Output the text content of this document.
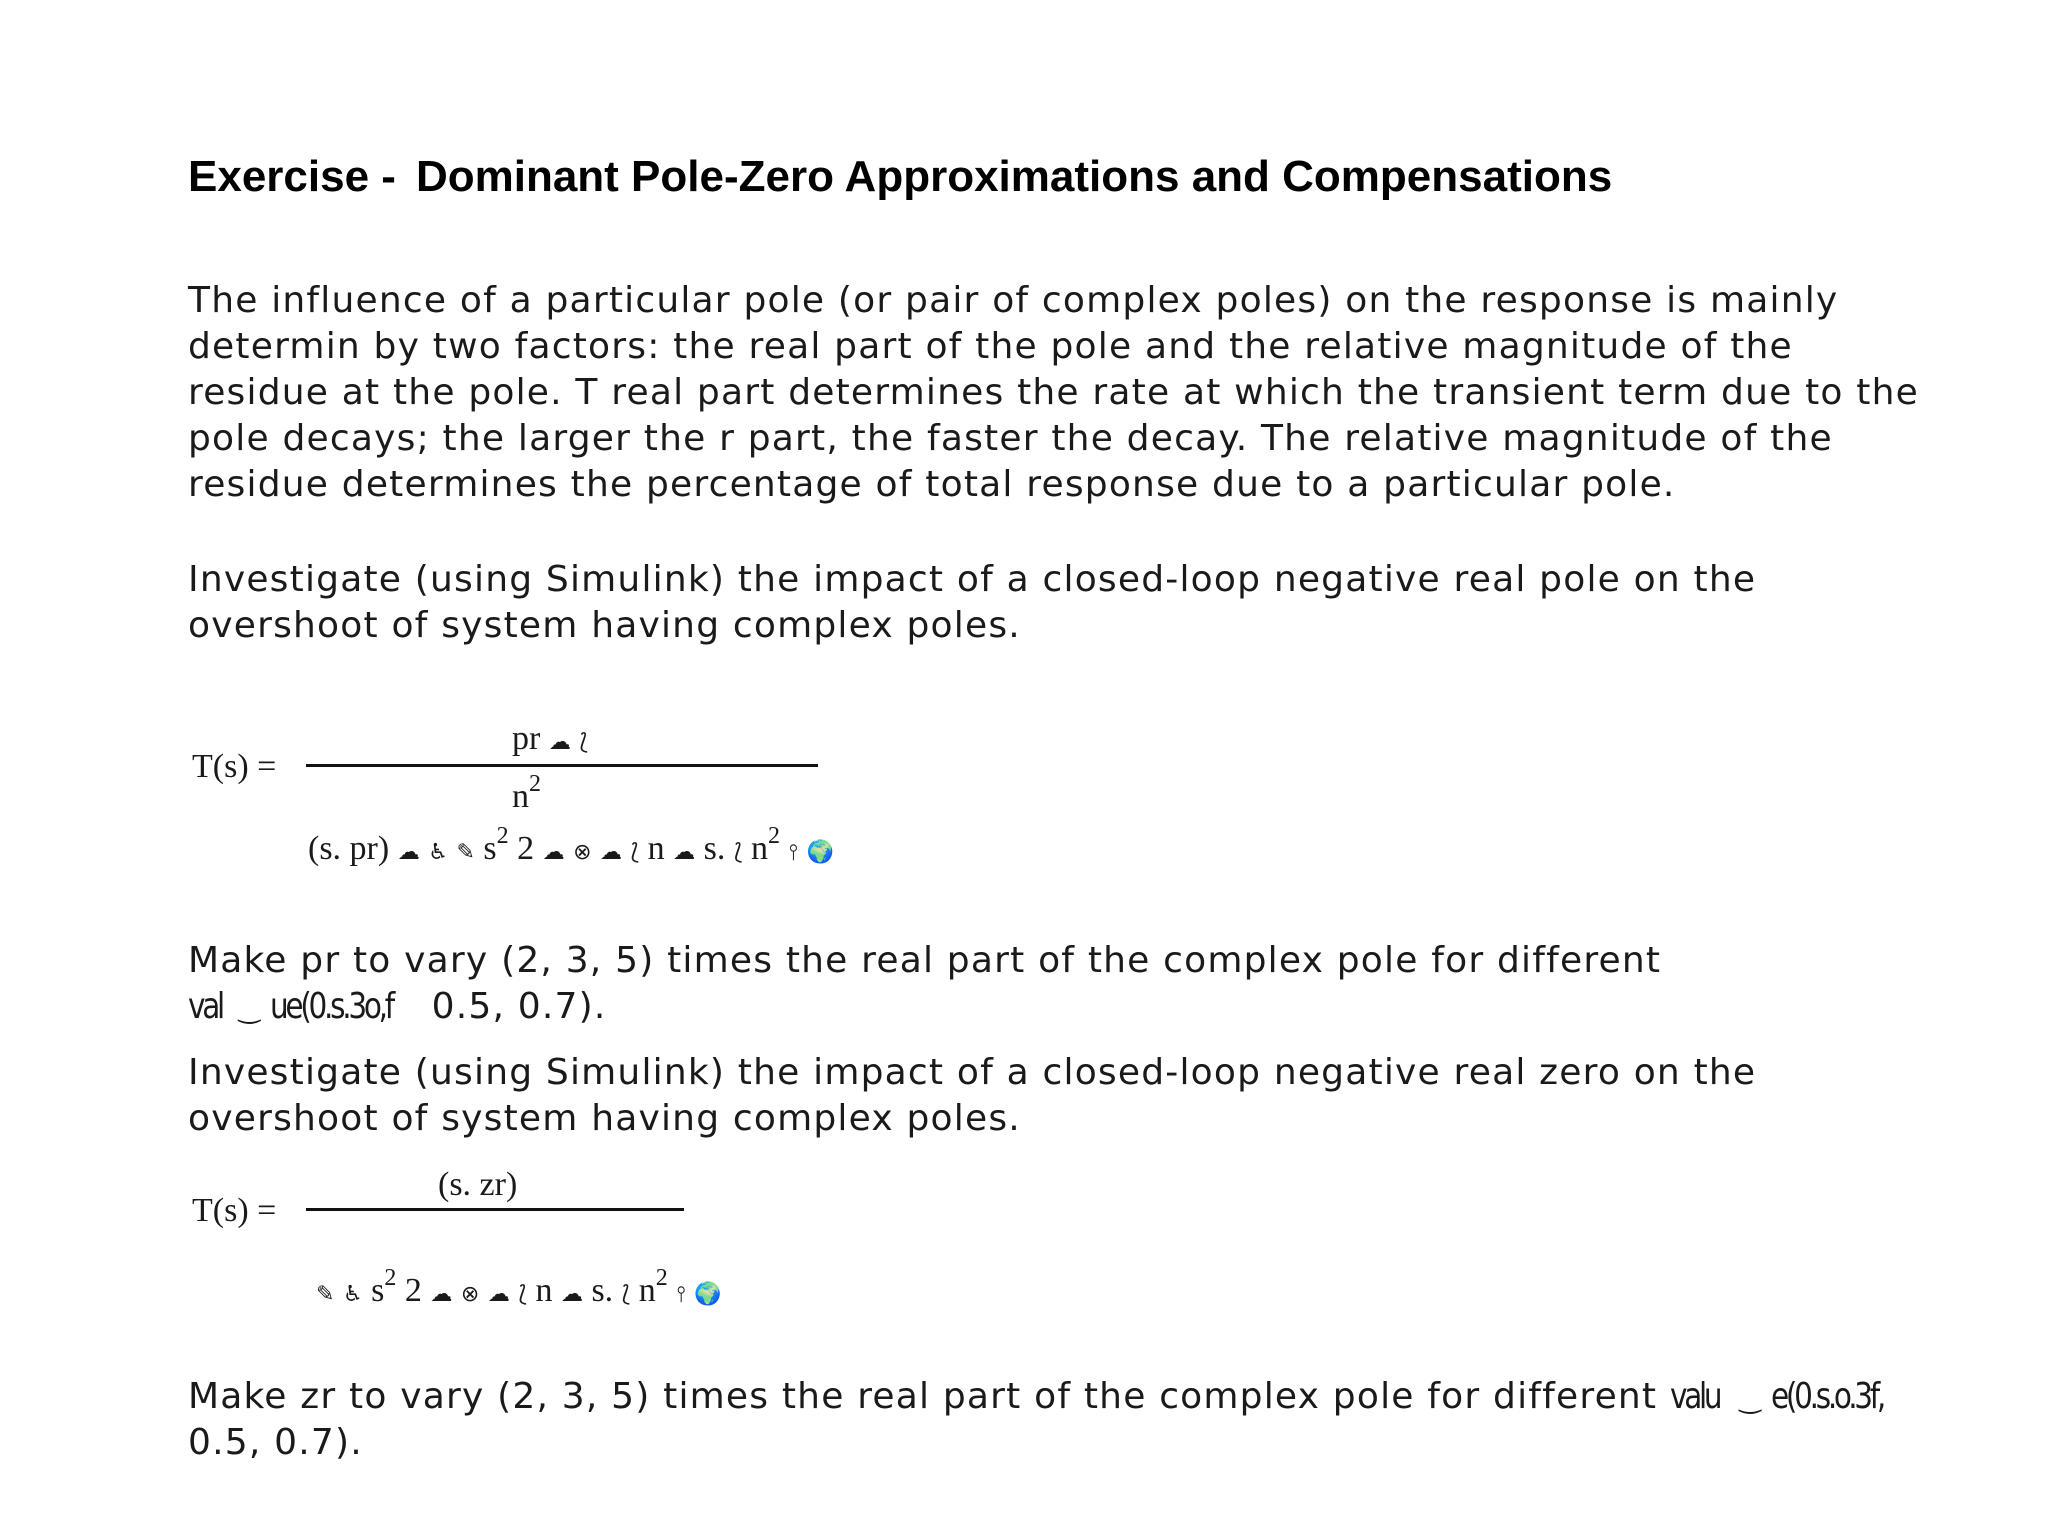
Exercise - Dominant Pole-Zero Approximations and Compensations
The influence of a particular pole (or pair of complex poles) on the response is mainly
determin by two factors: the real part of the pole and the relative magnitude of the
residue at the pole. T real part determines the rate at which the transient term due to the
pole decays; the larger the r part, the faster the decay. The relative magnitude of the
residue determines the percentage of total response due to a particular pole.
Investigate (using Simulink) the impact of a closed-loop negative real pole on the
overshoot of system having complex poles.
T(s) =
pr ☁ ⟅
$n^2$
(s. pr) ☁ ♿ ✎ $s^2$ 2 ☁ ⊗ ☁ ⟅ n ☁ s. ⟅ $n^2$ ⫯ 🌍
Make pr to vary (2, 3, 5) times the real part of the complex pole for different
val ‿ ue(0.s.3o,f 0.5, 0.7).
Investigate (using Simulink) the impact of a closed-loop negative real zero on the
overshoot of system having complex poles.
T(s) =
(s. zr)
✎ ♿ $s^2$ 2 ☁ ⊗ ☁ ⟅ n ☁ s. ⟅ $n^2$ ⫯ 🌍
Make zr to vary (2, 3, 5) times the real part of the complex pole for different valu ‿ e(0.s.o.3f,
0.5, 0.7).
